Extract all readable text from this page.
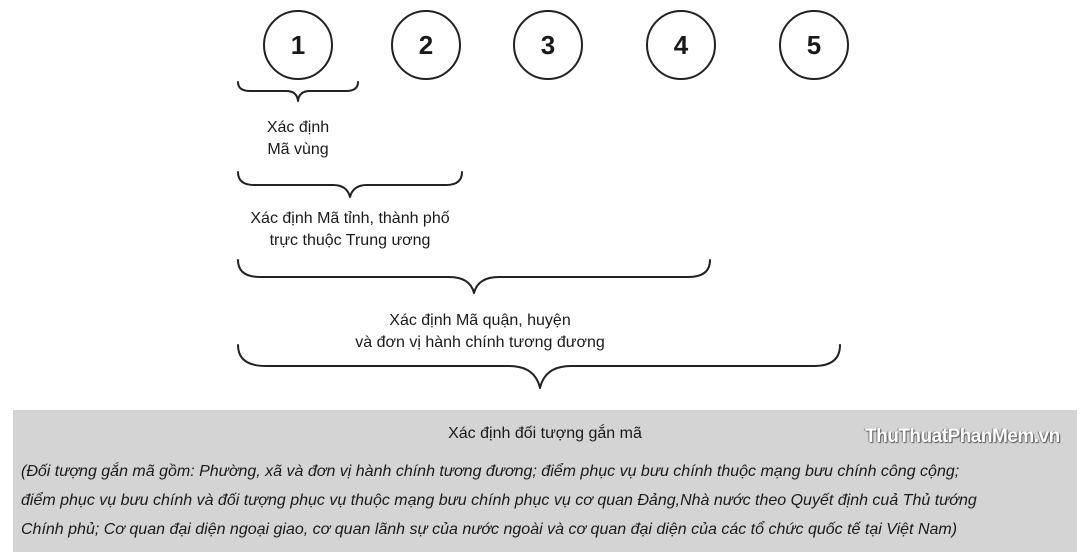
1	2	3	4	5
Xác định
Mã vùng
Xác định Mã tỉnh, thành phố
trực thuộc Trung ương
Xác định Mã quận, huyện
và đơn vị hành chính tương đương
Xác định đối tượng gắn mã	ThuThuatPhanMem.vn
(Đối tượng gắn mã gồm: Phường, xã và đơn vị hành chính tương đương; điểm phục vụ bưu chính thuộc mạng bưu chính công cộng;
điểm phục vụ bưu chính và đối tượng phục vụ thuộc mạng bưu chính phục vụ cơ quan Đảng,Nhà nước theo Quyết định cuả Thủ tướng
Chính phủ; Cơ quan đại diện ngoại giao, cơ quan lãnh sự của nước ngoài và cơ quan đại diện của các tổ chức quốc tế tại Việt Nam)
